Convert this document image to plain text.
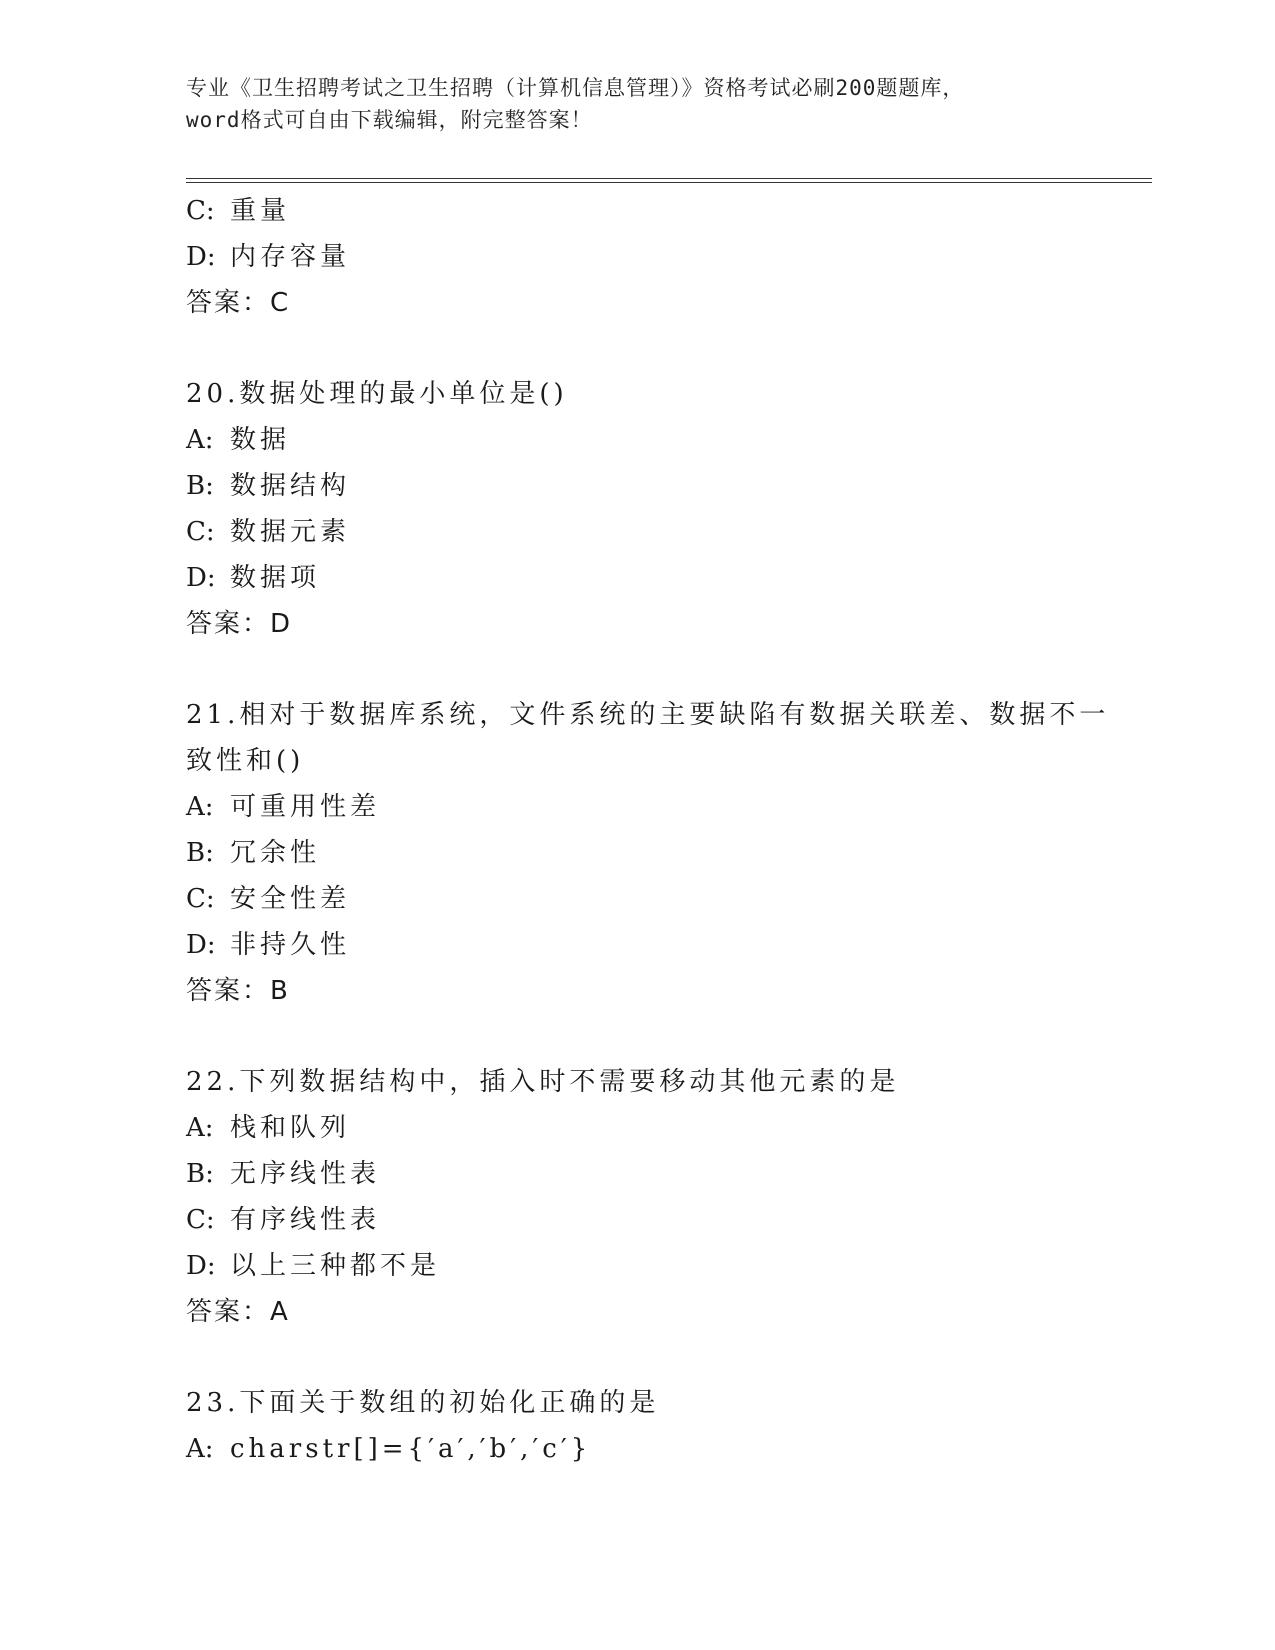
专业《卫生招聘考试之卫生招聘（计算机信息管理）》资格考试必刷200题题库，
word格式可自由下载编辑，附完整答案！
C: 重量
D: 内存容量
答案：C
20.数据处理的最小单位是()
A: 数据
B: 数据结构
C: 数据元素
D: 数据项
答案：D
21.相对于数据库系统，文件系统的主要缺陷有数据关联差、数据不一
致性和()
A: 可重用性差
B: 冗余性
C: 安全性差
D: 非持久性
答案：B
22.下列数据结构中，插入时不需要移动其他元素的是
A: 栈和队列
B: 无序线性表
C: 有序线性表
D: 以上三种都不是
答案：A
23.下面关于数组的初始化正确的是
A: charstr[]={′a′,′b′,′c′}
